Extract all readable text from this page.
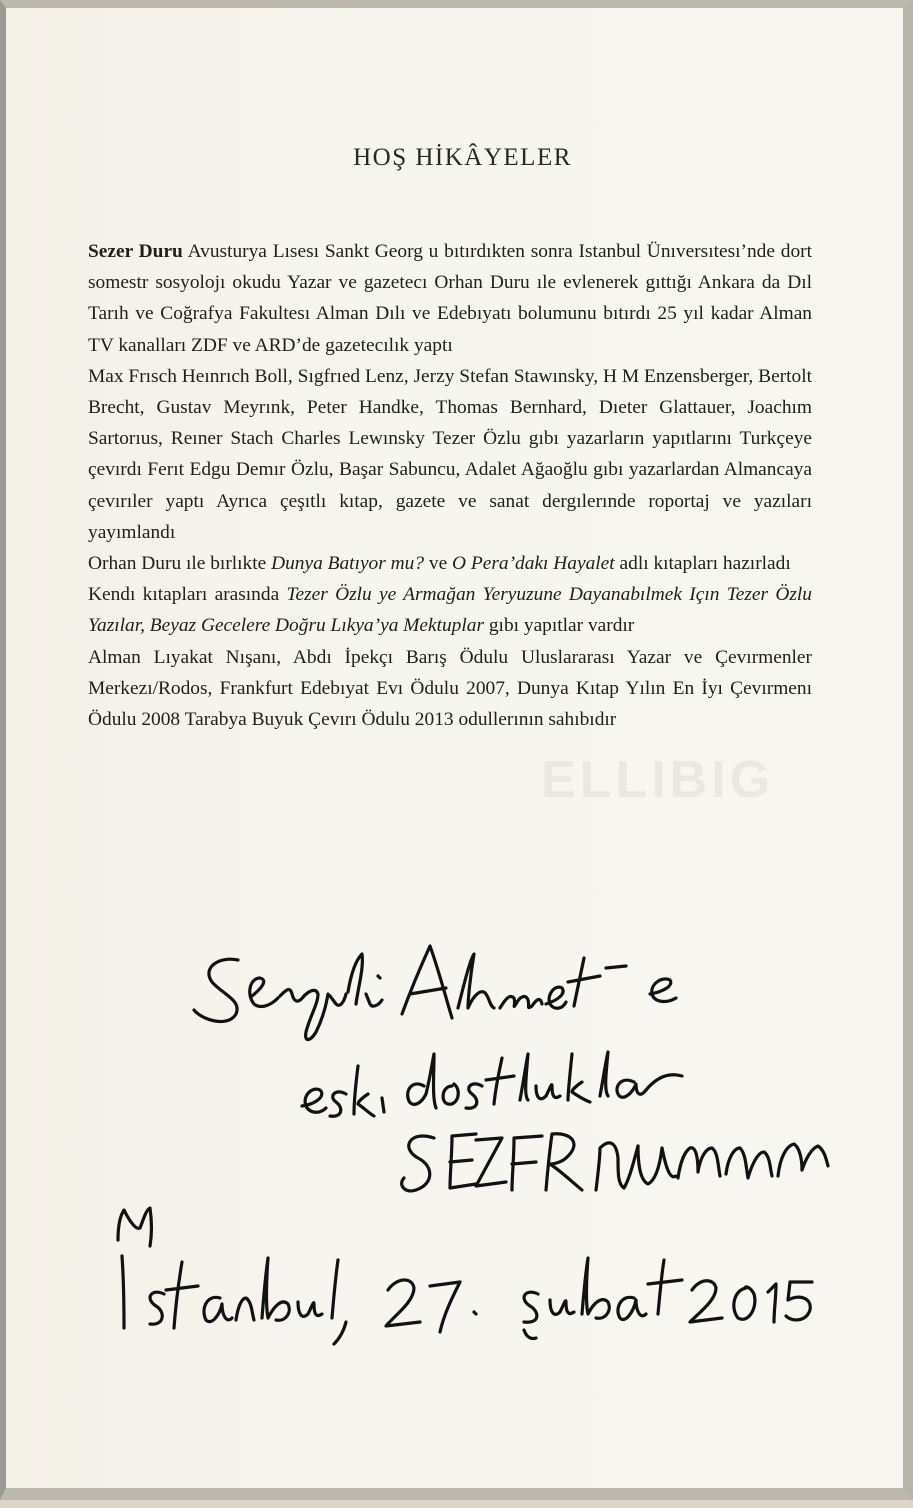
HOŞ HİKÂYELER

Sezer Duru Avusturya Lısesı Sankt Georg u bıtırdıkten sonra Istanbul Ünıversıtesı’nde dort somestr sosyolojı okudu Yazar ve gazetecı Orhan Duru ıle evlenerek gıttığı Ankara da Dıl Tarıh ve Coğrafya Fakultesı Alman Dılı ve Edebıyatı bolumunu bıtırdı 25 yıl kadar Alman TV kanalları ZDF ve ARD’de gazetecılık yaptı

Max Frısch Heınrıch Boll, Sıgfrıed Lenz, Jerzy Stefan Stawınsky, H M Enzensberger, Bertolt Brecht, Gustav Meyrınk, Peter Handke, Thomas Bernhard, Dıeter Glattauer, Joachım Sartorıus, Reıner Stach Charles Lewınsky Tezer Özlu gıbı yazarların yapıtlarını Turkçeye çevırdı Ferıt Edgu Demır Özlu, Başar Sabuncu, Adalet Ağaoğlu gıbı yazarlardan Almancaya çevırıler yaptı Ayrıca çeşıtlı kıtap, gazete ve sanat dergılerınde roportaj ve yazıları yayımlandı

Orhan Duru ıle bırlıkte Dunya Batıyor mu? ve O Pera’dakı Hayalet adlı kıtapları hazırladı

Kendı kıtapları arasında Tezer Özlu ye Armağan Yeryuzune Dayanabılmek Içın Tezer Özlu Yazılar, Beyaz Gecelere Doğru Lıkya’ya Mektuplar gıbı yapıtlar vardır

Alman Lıyakat Nışanı, Abdı İpekçı Barış Ödulu Uluslararası Yazar ve Çevırmenler Merkezı/Rodos, Frankfurt Edebıyat Evı Ödulu 2007, Dunya Kıtap Yılın En İyı Çevırmenı Ödulu 2008 Tarabya Buyuk Çevırı Ödulu 2013 odullerının sahıbıdır

ELLIBIG
